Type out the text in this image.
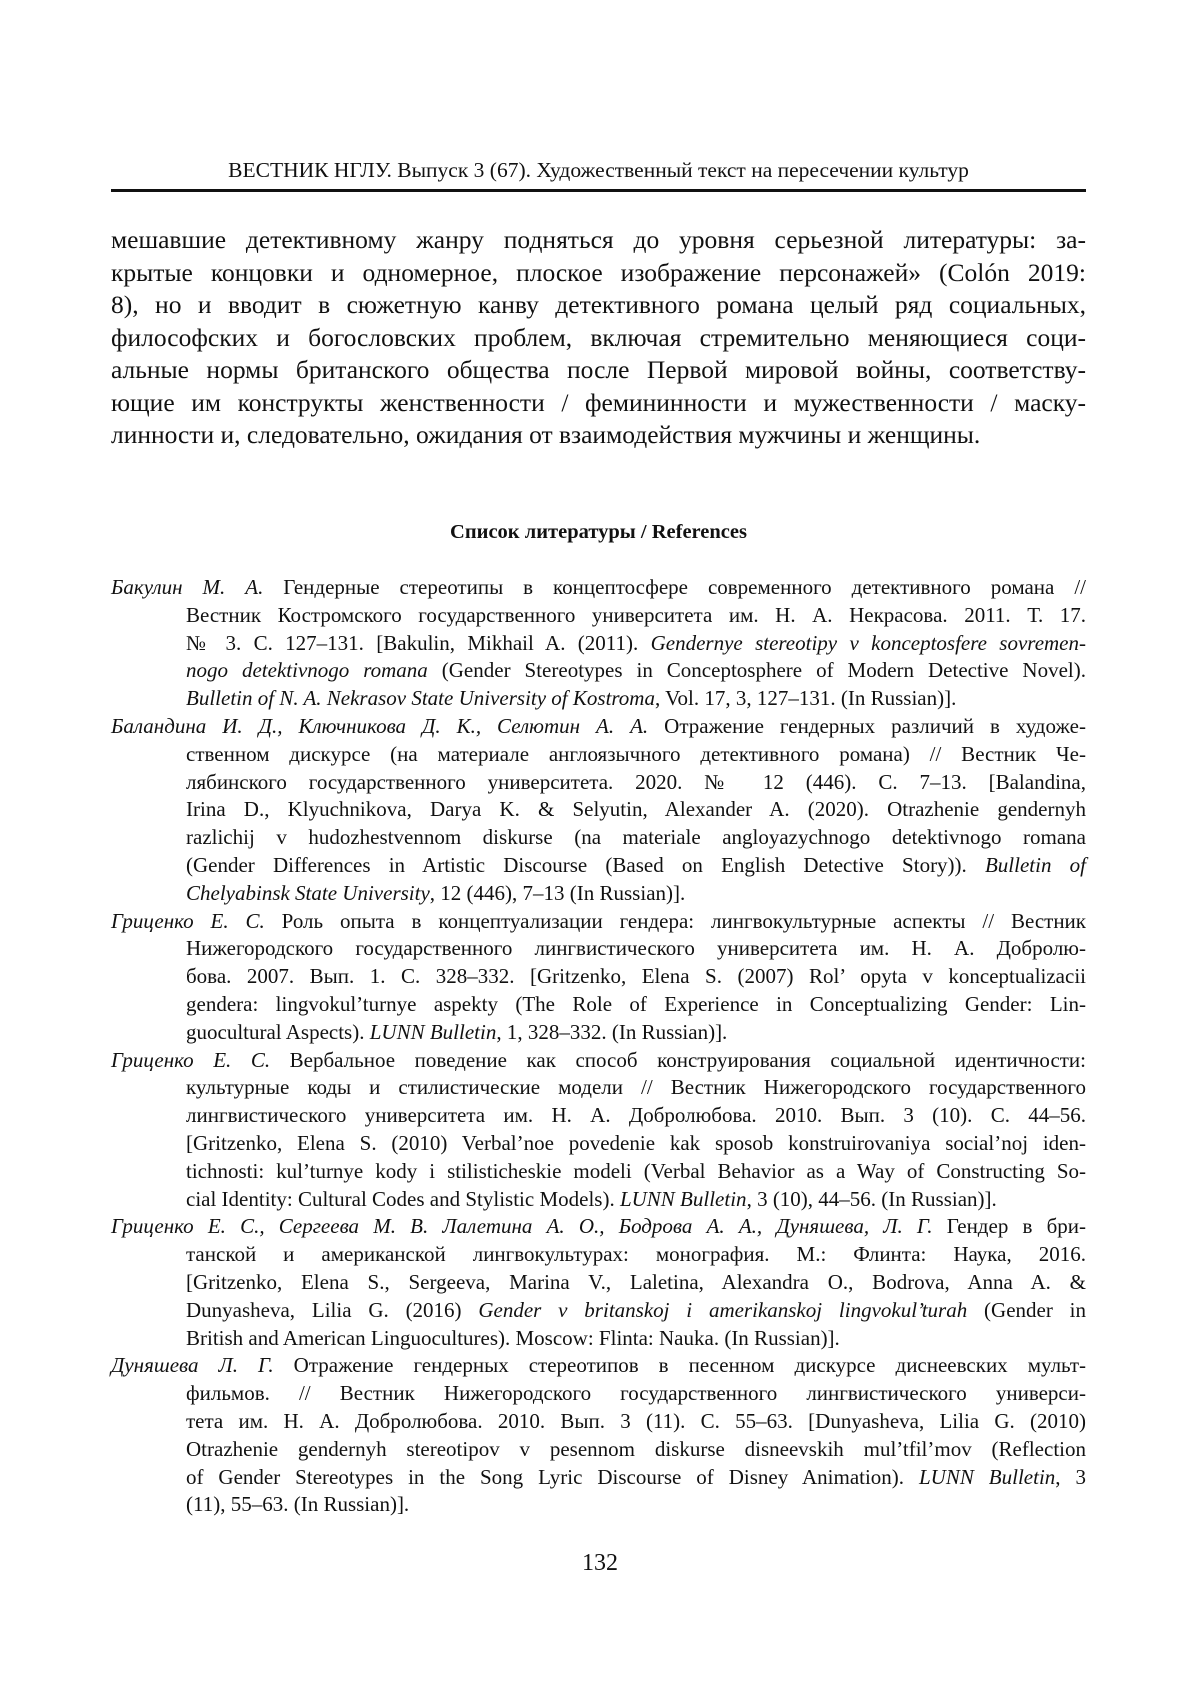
ВЕСТНИК НГЛУ. Выпуск 3 (67). Художественный текст на пересечении культур
мешавшие детективному жанру подняться до уровня серьезной литературы: за-
крытые концовки и одномерное, плоское изображение персонажей» (Colón 2019:
8), но и вводит в сюжетную канву детективного романа целый ряд социальных,
философских и богословских проблем, включая стремительно меняющиеся соци-
альные нормы британского общества после Первой мировой войны, соответству-
ющие им конструкты женственности / фемининности и мужественности / маску-
линности и, следовательно, ожидания от взаимодействия мужчины и женщины.
Список литературы / References
Бакулин М. А. Гендерные стереотипы в концептосфере современного детективного романа //
Вестник Костромского государственного университета им. Н. А. Некрасова. 2011. Т. 17.
№ 3. С. 127–131. [Bakulin, Mikhail A. (2011). Gendernye stereotipy v konceptosfere sovremen-
nogo detektivnogo romana (Gender Stereotypes in Conceptosphere of Modern Detective Novel).
Bulletin of N. A. Nekrasov State University of Kostroma, Vol. 17, 3, 127–131. (In Russian)].
Баландина И. Д., Ключникова Д. К., Селютин А. А. Отражение гендерных различий в художе-
ственном дискурсе (на материале англоязычного детективного романа) // Вестник Че-
лябинского государственного университета. 2020. № 12 (446). С. 7–13. [Balandina,
Irina D., Klyuchnikova, Darya K. & Selyutin, Alexander A. (2020). Otrazhenie gendernyh
razlichij v hudozhestvennom diskurse (na materiale angloyazychnogo detektivnogo romana
(Gender Differences in Artistic Discourse (Based on English Detective Story)). Bulletin of
Chelyabinsk State University, 12 (446), 7–13 (In Russian)].
Гриценко Е. С. Роль опыта в концептуализации гендера: лингвокультурные аспекты // Вестник
Нижегородского государственного лингвистического университета им. Н. А. Добролю-
бова. 2007. Вып. 1. С. 328–332. [Gritzenko, Elena S. (2007) Rol’ opyta v konceptualizacii
gendera: lingvokul’turnye aspekty (The Role of Experience in Conceptualizing Gender: Lin-
guocultural Aspects). LUNN Bulletin, 1, 328–332. (In Russian)].
Гриценко Е. С. Вербальное поведение как способ конструирования социальной идентичности:
культурные коды и стилистические модели // Вестник Нижегородского государственного
лингвистического университета им. Н. А. Добролюбова. 2010. Вып. 3 (10). С. 44–56.
[Gritzenko, Elena S. (2010) Verbal’noe povedenie kak sposob konstruirovaniya social’noj iden-
tichnosti: kul’turnye kody i stilisticheskie modeli (Verbal Behavior as a Way of Constructing So-
cial Identity: Cultural Codes and Stylistic Models). LUNN Bulletin, 3 (10), 44–56. (In Russian)].
Гриценко Е. С., Сергеева М. В. Лалетина А. О., Бодрова А. А., Дуняшева, Л. Г. Гендер в бри-
танской и американской лингвокультурах: монография. М.: Флинта: Наука, 2016.
[Gritzenko, Elena S., Sergeeva, Marina V., Laletina, Alexandra O., Bodrova, Anna A. &
Dunyasheva, Lilia G. (2016) Gender v britanskoj i amerikanskoj lingvokul’turah (Gender in
British and American Linguocultures). Moscow: Flinta: Nauka. (In Russian)].
Дуняшева Л. Г. Отражение гендерных стереотипов в песенном дискурсе диснеевских мульт-
фильмов. // Вестник Нижегородского государственного лингвистического универси-
тета им. Н. А. Добролюбова. 2010. Вып. 3 (11). С. 55–63. [Dunyasheva, Lilia G. (2010)
Otrazhenie gendernyh stereotipov v pesennom diskurse disneevskih mul’tfil’mov (Reflection
of Gender Stereotypes in the Song Lyric Discourse of Disney Animation). LUNN Bulletin, 3
(11), 55–63. (In Russian)].
132
